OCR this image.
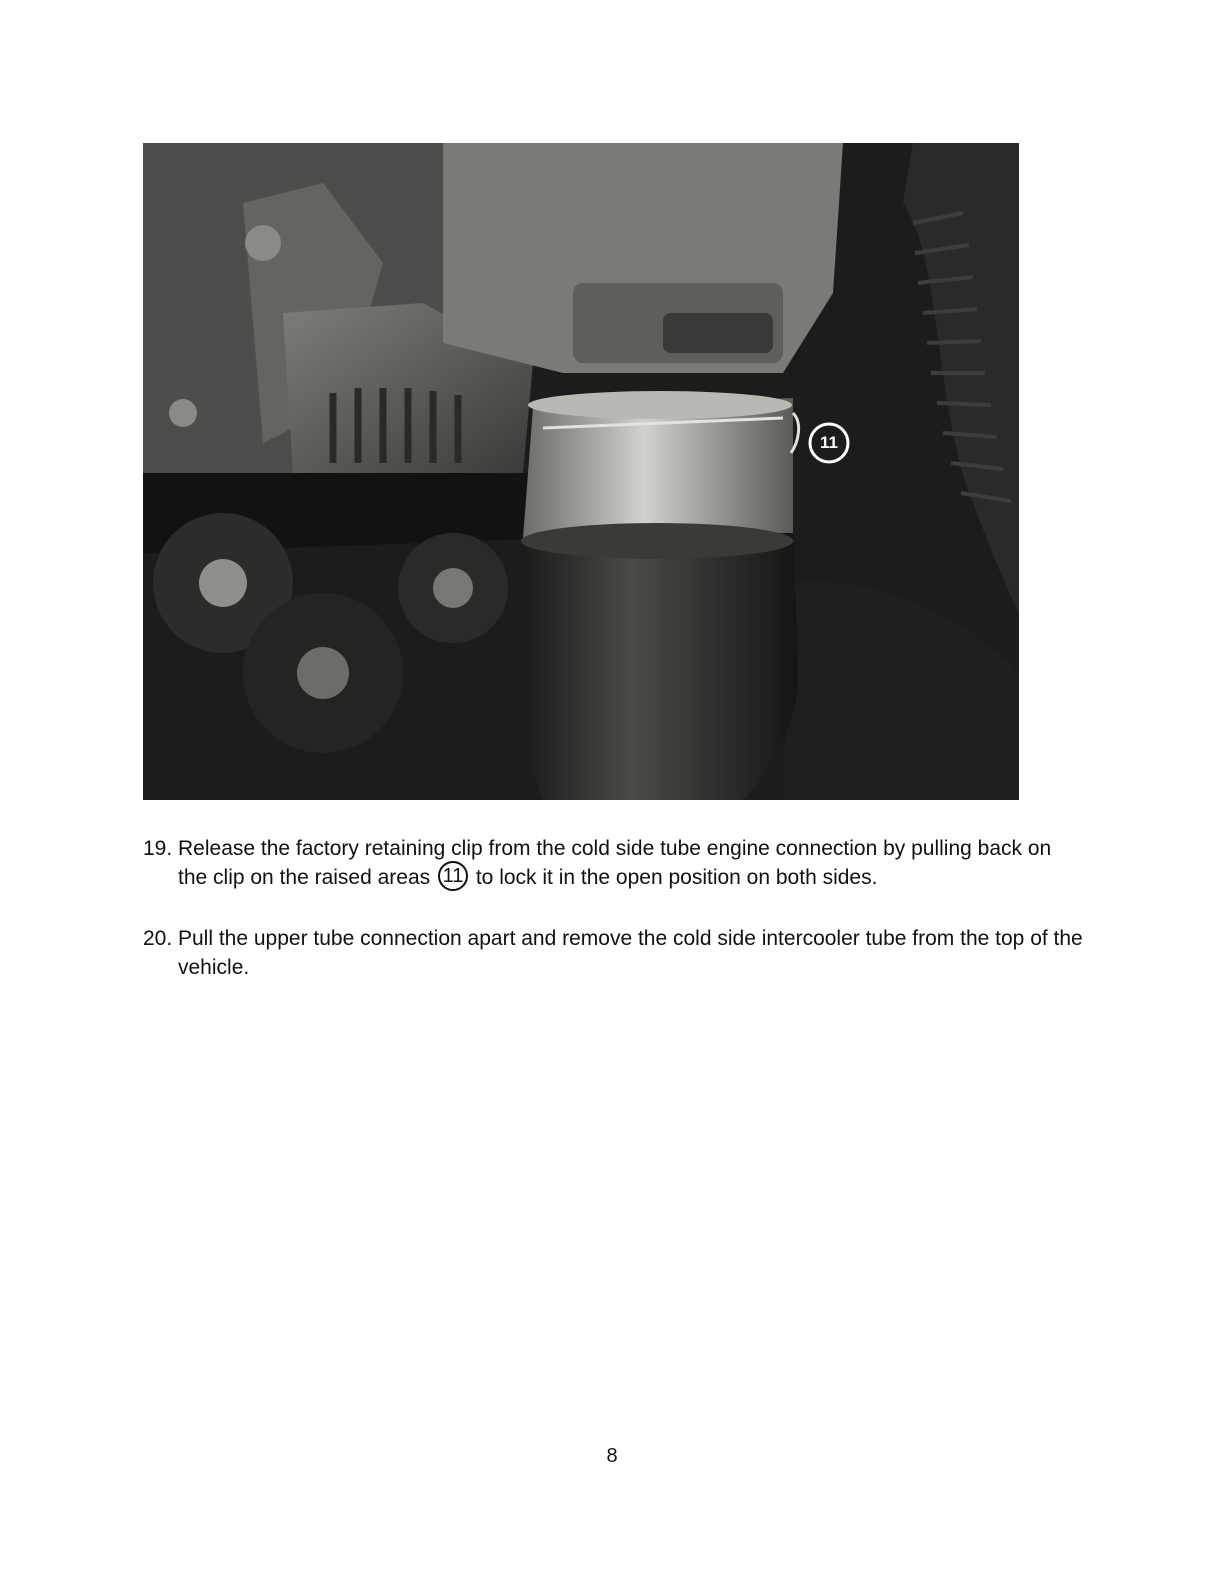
11
19. Release the factory retaining clip from the cold side tube engine connection by pulling back on the clip on the raised areas 11 to lock it in the open position on both sides.
20. Pull the upper tube connection apart and remove the cold side intercooler tube from the top of the vehicle.
8
